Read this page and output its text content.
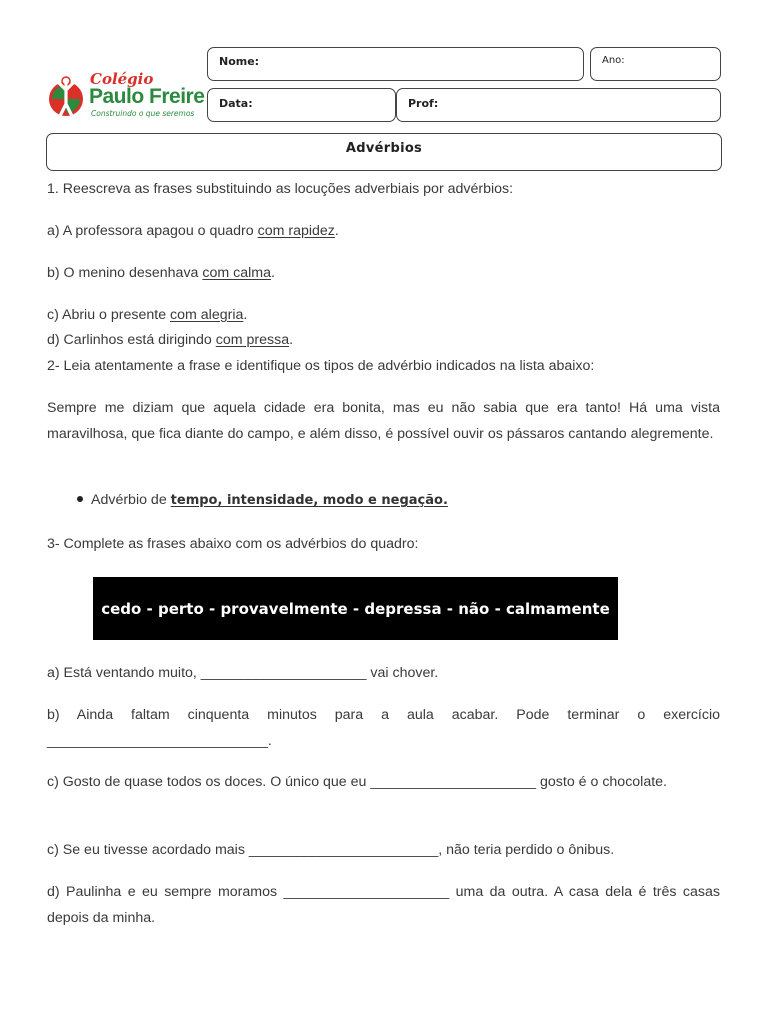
Colégio
Paulo Freire
Construindo o que seremos
Nome:	Ano:
Data:	Prof:
Advérbios
1. Reescreva as frases substituindo as locuções adverbiais por advérbios:
a) A professora apagou o quadro com rapidez.
b) O menino desenhava com calma.
c) Abriu o presente com alegria.
d) Carlinhos está dirigindo com pressa.
2- Leia atentamente a frase e identifique os tipos de advérbio indicados na lista abaixo:
Sempre me diziam que aquela cidade era bonita, mas eu não sabia que era tanto! Há uma vista maravilhosa, que fica diante do campo, e além disso, é possível ouvir os pássaros cantando alegremente.
Advérbio de tempo, intensidade, modo e negação.
3- Complete as frases abaixo com os advérbios do quadro:
cedo - perto - provavelmente - depressa - não - calmamente
a) Está ventando muito, _____________________ vai chover.
b) Ainda faltam cinquenta minutos para a aula acabar. Pode terminar o exercício ____________________________.
c) Gosto de quase todos os doces. O único que eu _____________________ gosto é o chocolate.
c) Se eu tivesse acordado mais ________________________, não teria perdido o ônibus.
d) Paulinha e eu sempre moramos _____________________ uma da outra. A casa dela é três casas depois da minha.
